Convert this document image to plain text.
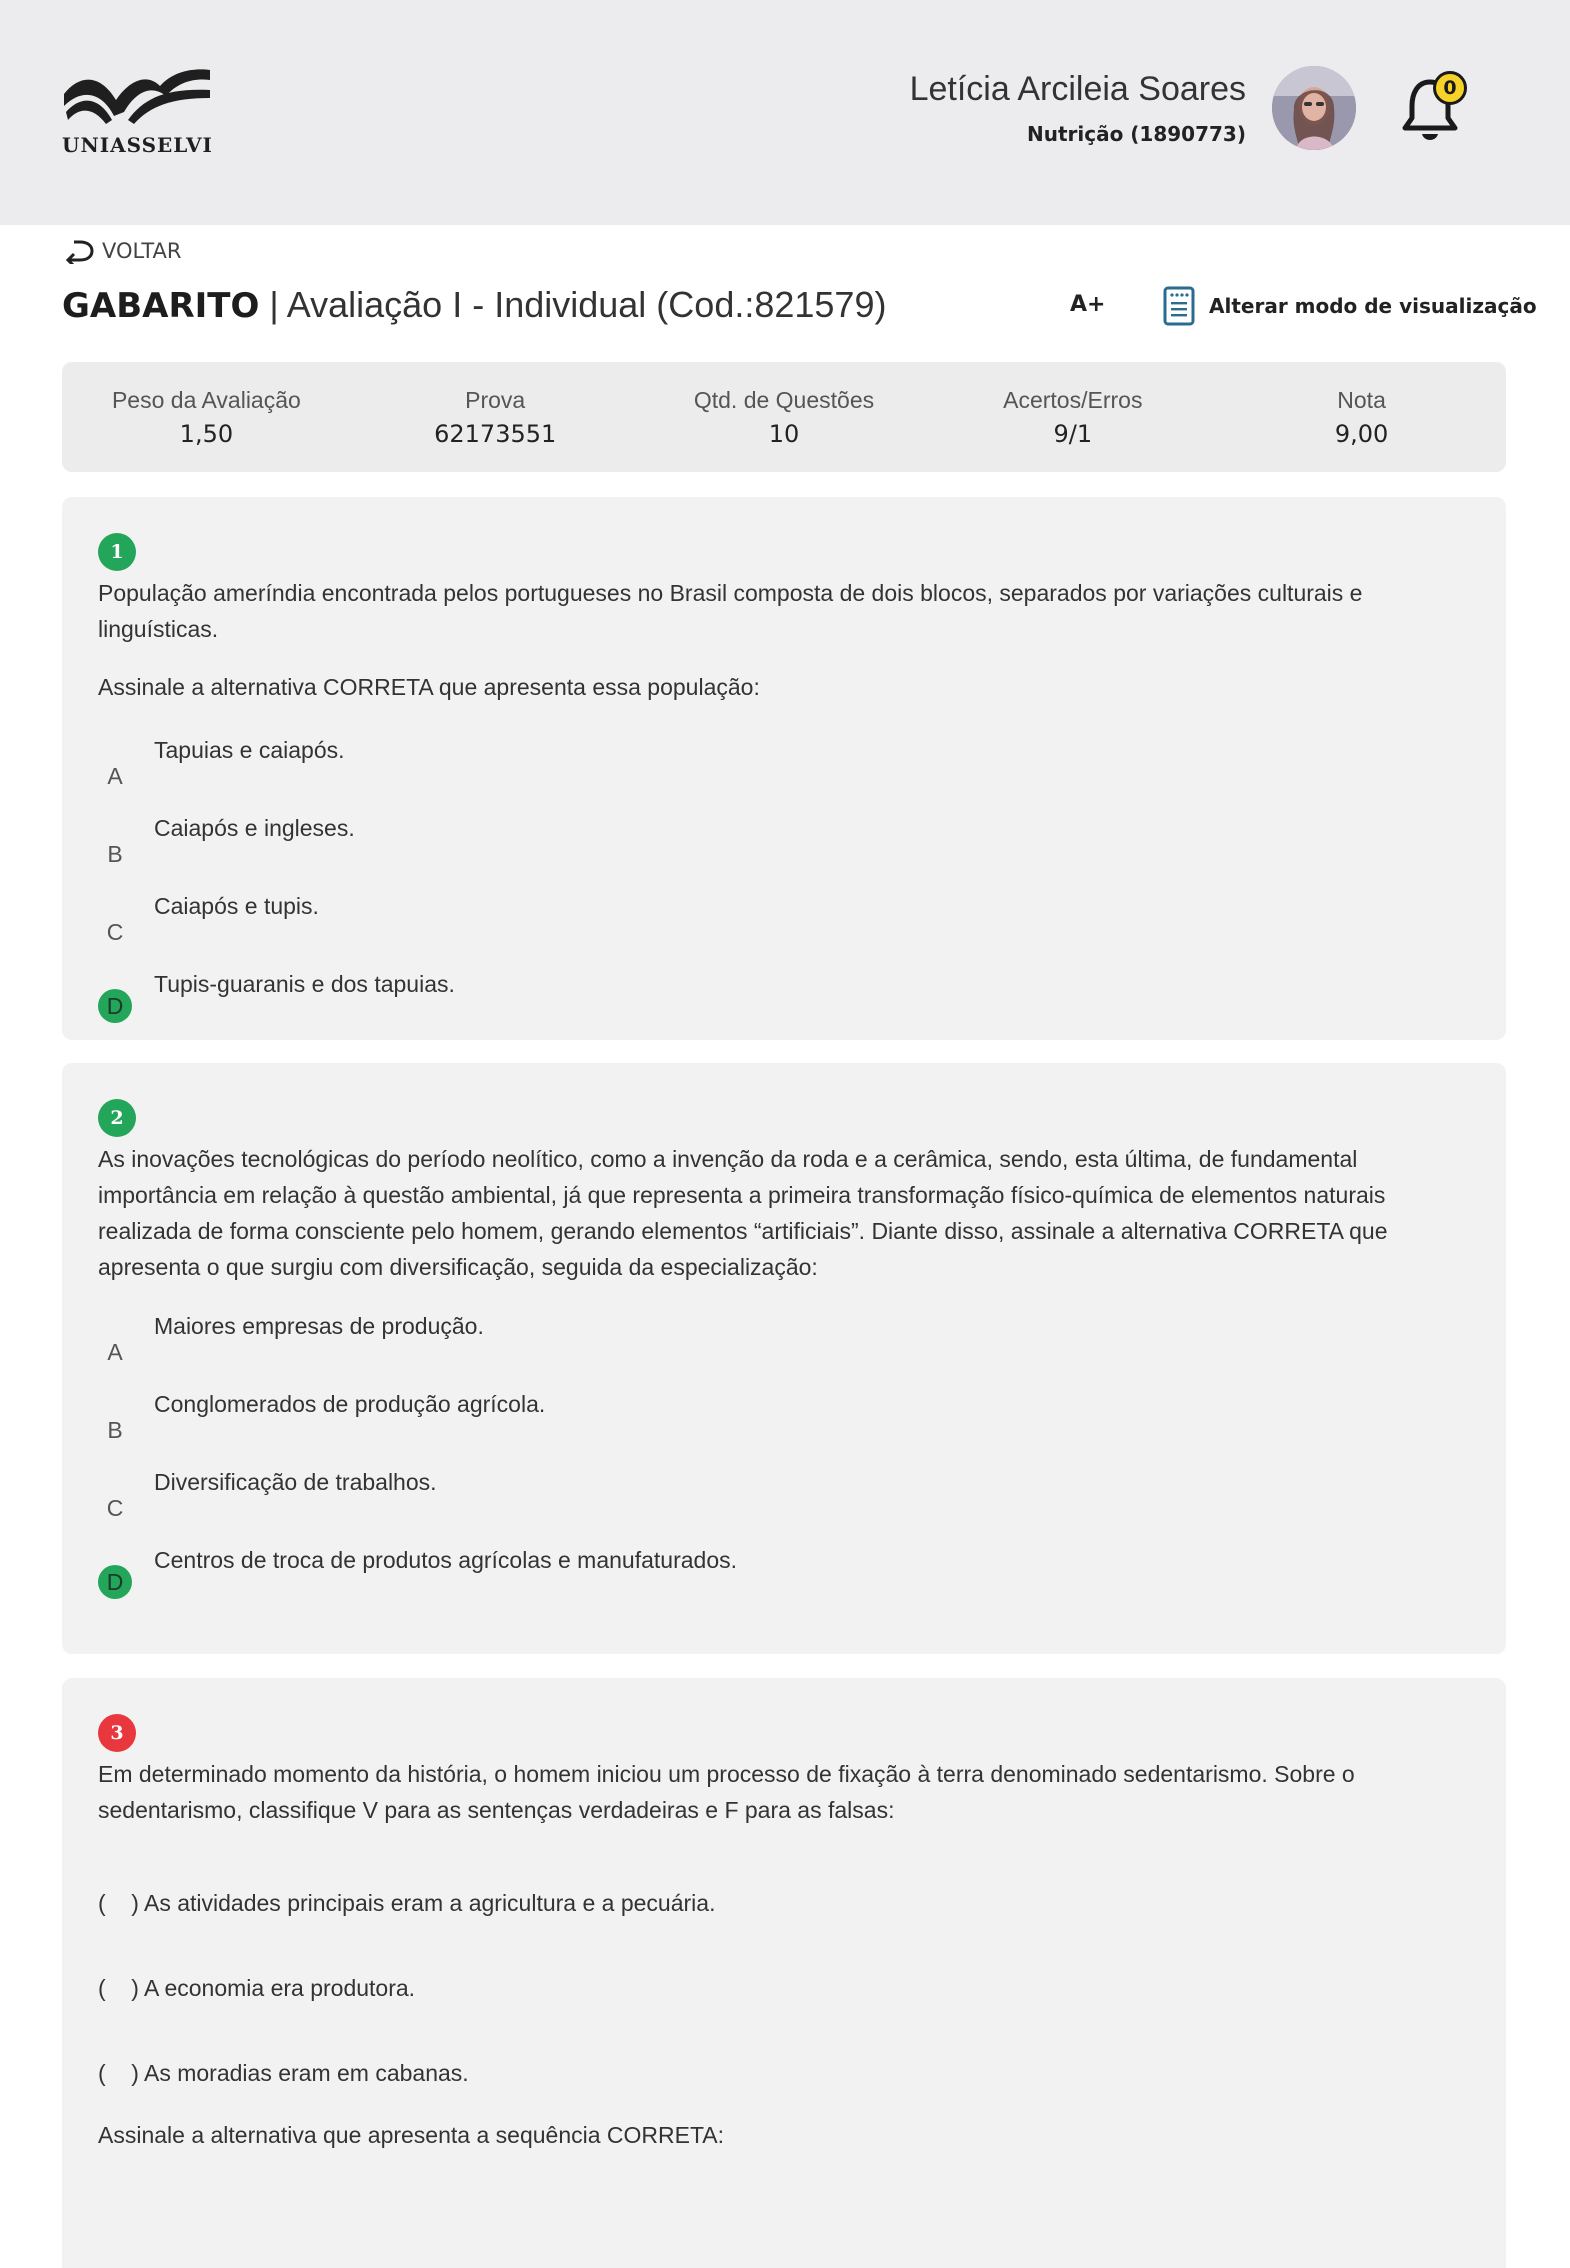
UNIASSELVI
Letícia Arcileia Soares
Nutrição (1890773)
0
VOLTAR
GABARITO | Avaliação I - Individual (Cod.:821579)	A+	Alterar modo de visualização
Peso da Avaliação
1,50
Prova
62173551
Qtd. de Questões
10
Acertos/Erros
9/1
Nota
9,00
1
População ameríndia encontrada pelos portugueses no Brasil composta de dois blocos, separados por variações culturais e linguísticas.
Assinale a alternativa CORRETA que apresenta essa população:
A
Tapuias e caiapós.
B
Caiapós e ingleses.
C
Caiapós e tupis.
D
Tupis-guaranis e dos tapuias.
2
As inovações tecnológicas do período neolítico, como a invenção da roda e a cerâmica, sendo, esta última, de fundamental importância em relação à questão ambiental, já que representa a primeira transformação físico-química de elementos naturais realizada de forma consciente pelo homem, gerando elementos “artificiais”. Diante disso, assinale a alternativa CORRETA que apresenta o que surgiu com diversificação, seguida da especialização:
A
Maiores empresas de produção.
B
Conglomerados de produção agrícola.
C
Diversificação de trabalhos.
D
Centros de troca de produtos agrícolas e manufaturados.
3
Em determinado momento da história, o homem iniciou um processo de fixação à terra denominado sedentarismo. Sobre o sedentarismo, classifique V para as sentenças verdadeiras e F para as falsas:
(    ) As atividades principais eram a agricultura e a pecuária.
(    ) A economia era produtora.
(    ) As moradias eram em cabanas.
Assinale a alternativa que apresenta a sequência CORRETA:
